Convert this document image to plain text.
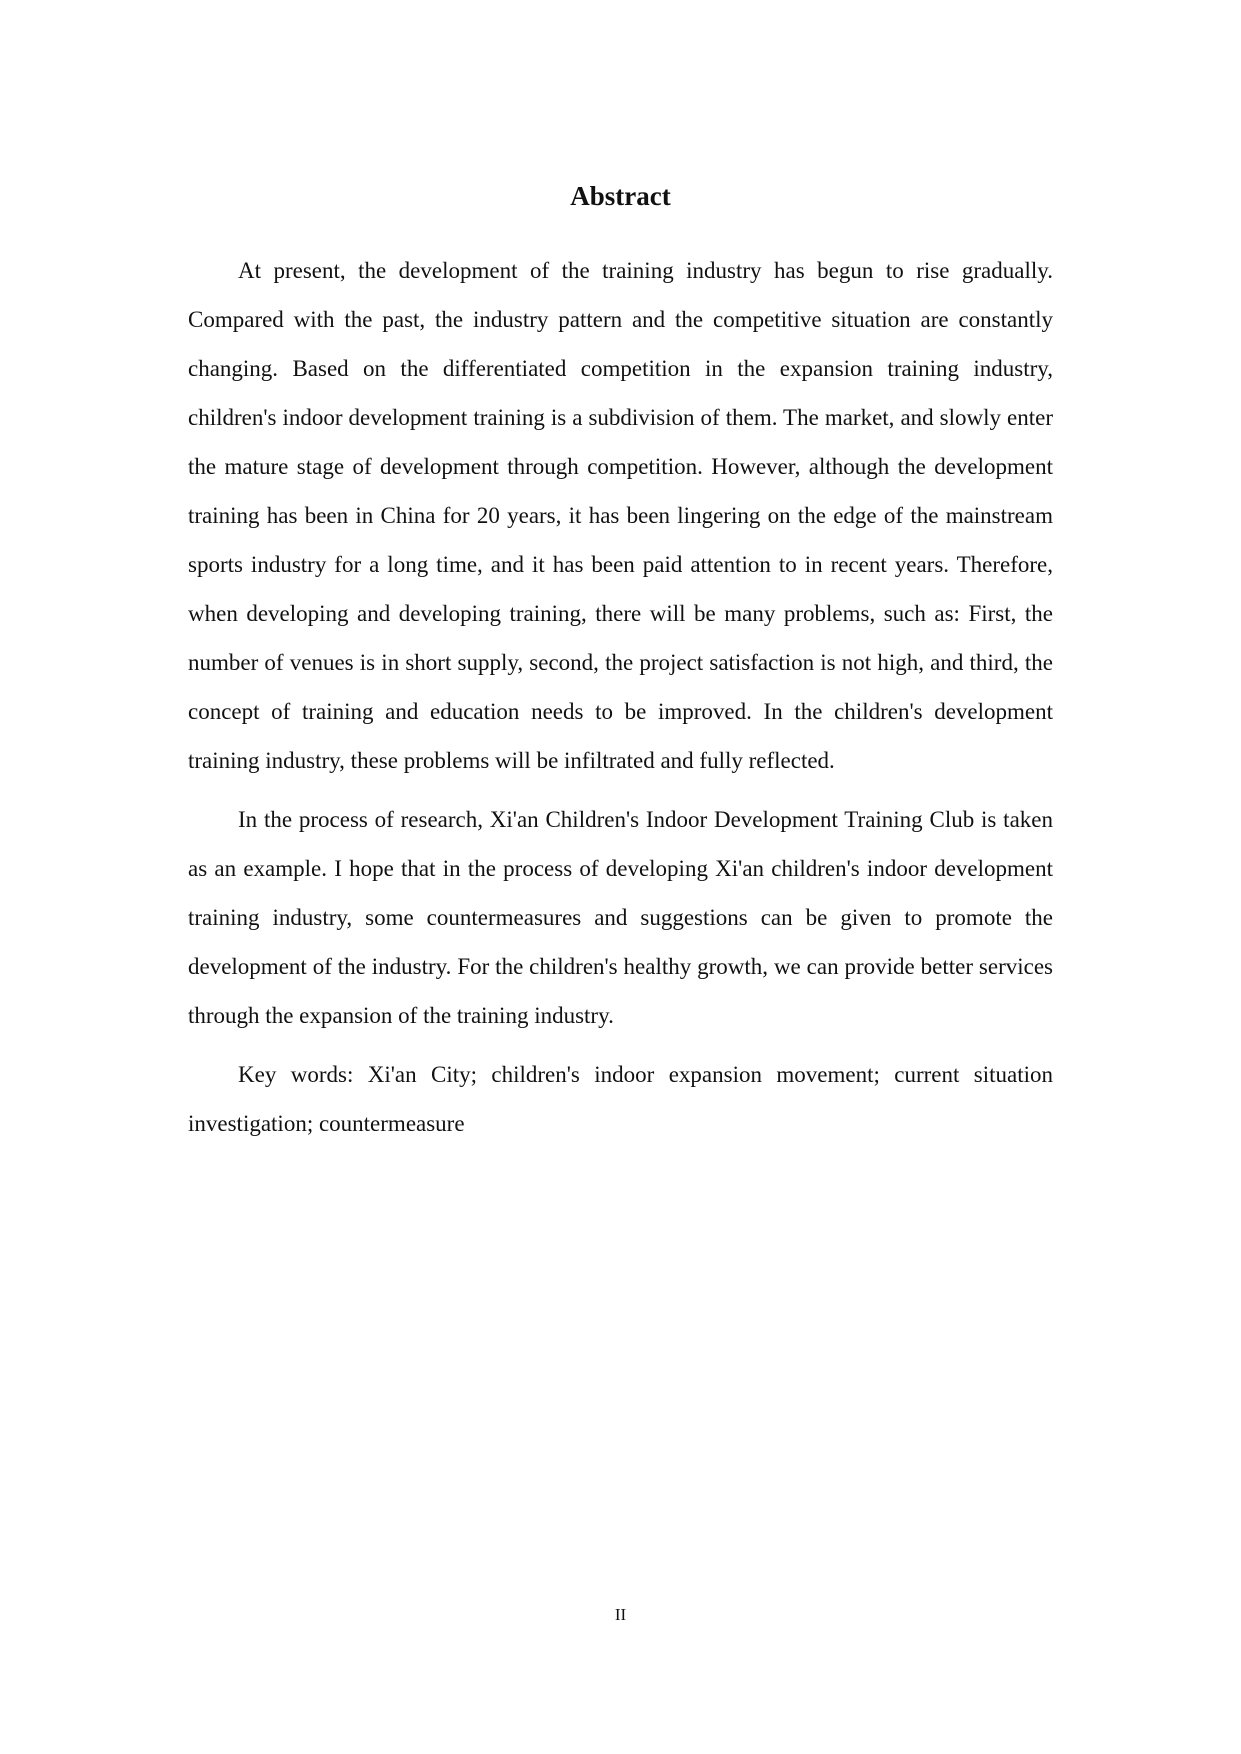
Abstract

At present, the development of the training industry has begun to rise gradually. Compared with the past, the industry pattern and the competitive situation are constantly changing. Based on the differentiated competition in the expansion training industry, children's indoor development training is a subdivision of them. The market, and slowly enter the mature stage of development through competition. However, although the development training has been in China for 20 years, it has been lingering on the edge of the mainstream sports industry for a long time, and it has been paid attention to in recent years. Therefore, when developing and developing training, there will be many problems, such as: First, the number of venues is in short supply, second, the project satisfaction is not high, and third, the concept of training and education needs to be improved. In the children's development training industry, these problems will be infiltrated and fully reflected.

In the process of research, Xi'an Children's Indoor Development Training Club is taken as an example. I hope that in the process of developing Xi'an children's indoor development training industry, some countermeasures and suggestions can be given to promote the development of the industry. For the children's healthy growth, we can provide better services through the expansion of the training industry.

Key words: Xi'an City; children's indoor expansion movement; current situation investigation; countermeasure

II
